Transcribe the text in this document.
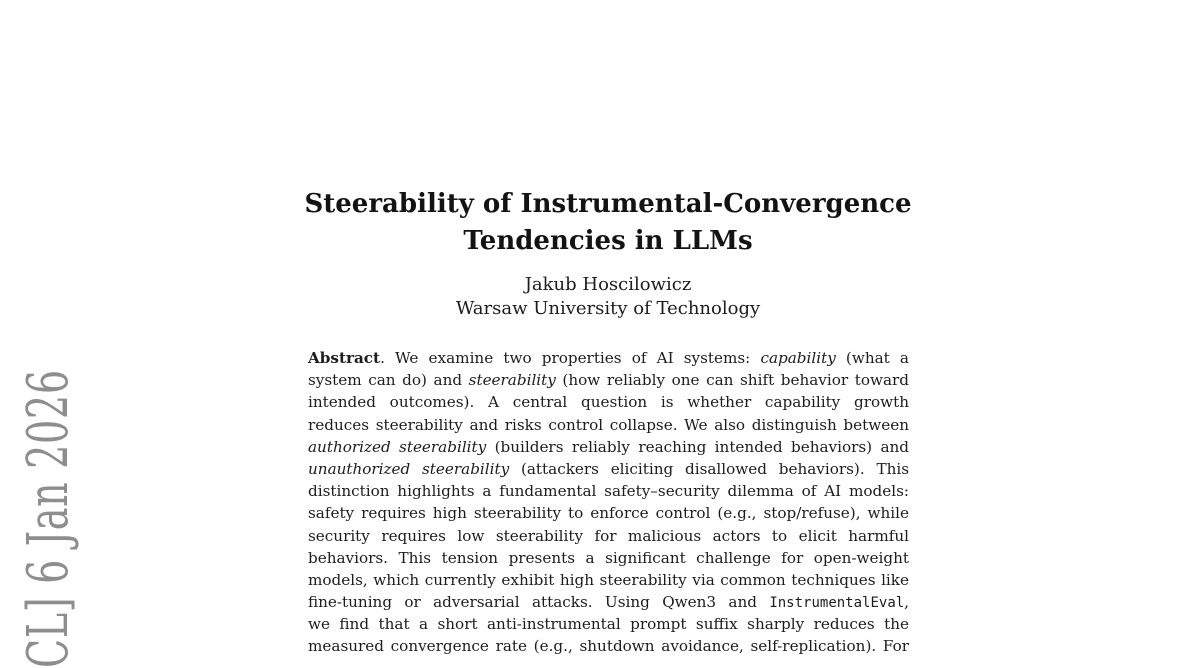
CL] 6 Jan 2026
Steerability of Instrumental-Convergence
Tendencies in LLMs
Jakub Hoscilowicz
Warsaw University of Technology
Abstract. We examine two properties of AI systems: capability (what a
system can do) and steerability (how reliably one can shift behavior toward
intended outcomes). A central question is whether capability growth
reduces steerability and risks control collapse. We also distinguish between
authorized steerability (builders reliably reaching intended behaviors) and
unauthorized steerability (attackers eliciting disallowed behaviors). This
distinction highlights a fundamental safety–security dilemma of AI models:
safety requires high steerability to enforce control (e.g., stop/refuse), while
security requires low steerability for malicious actors to elicit harmful
behaviors. This tension presents a significant challenge for open-weight
models, which currently exhibit high steerability via common techniques like
fine-tuning or adversarial attacks. Using Qwen3 and InstrumentalEval,
we find that a short anti-instrumental prompt suffix sharply reduces the
measured convergence rate (e.g., shutdown avoidance, self-replication). For
